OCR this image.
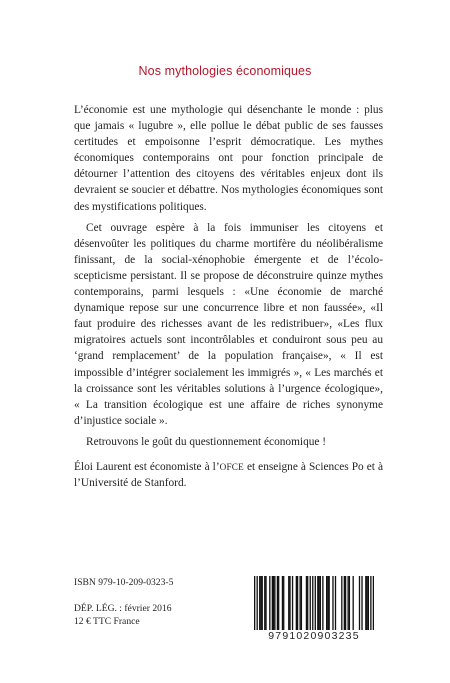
Nos mythologies économiques

L’économie est une mythologie qui désenchante le monde : plus que jamais « lugubre », elle pollue le débat public de ses fausses certitudes et empoisonne l’esprit démocratique. Les mythes économiques contemporains ont pour fonction principale de détourner l’attention des citoyens des véritables enjeux dont ils devraient se soucier et débattre. Nos mythologies économiques sont des mystifications politiques.

Cet ouvrage espère à la fois immuniser les citoyens et désenvoûter les politiques du charme mortifère du néolibéralisme finissant, de la social-xénophobie émergente et de l’écolo-scepticisme persistant. Il se propose de déconstruire quinze mythes contemporains, parmi lesquels : «Une économie de marché dynamique repose sur une concurrence libre et non faussée», «Il faut produire des richesses avant de les redistribuer», «Les flux migratoires actuels sont incontrôlables et conduiront sous peu au ‘grand remplacement’ de la population française», « Il est impossible d’intégrer socialement les immigrés », « Les marchés et la croissance sont les véritables solutions à l’urgence écologique», « La transition écologique est une affaire de riches synonyme d’injustice sociale ».

Retrouvons le goût du questionnement économique !

Éloi Laurent est économiste à l’OFCE et enseigne à Sciences Po et à l’Université de Stanford.
ISBN 979-10-209-0323-5
DÉP. LÉG. : février 2016
12 € TTC France
9791020903235
